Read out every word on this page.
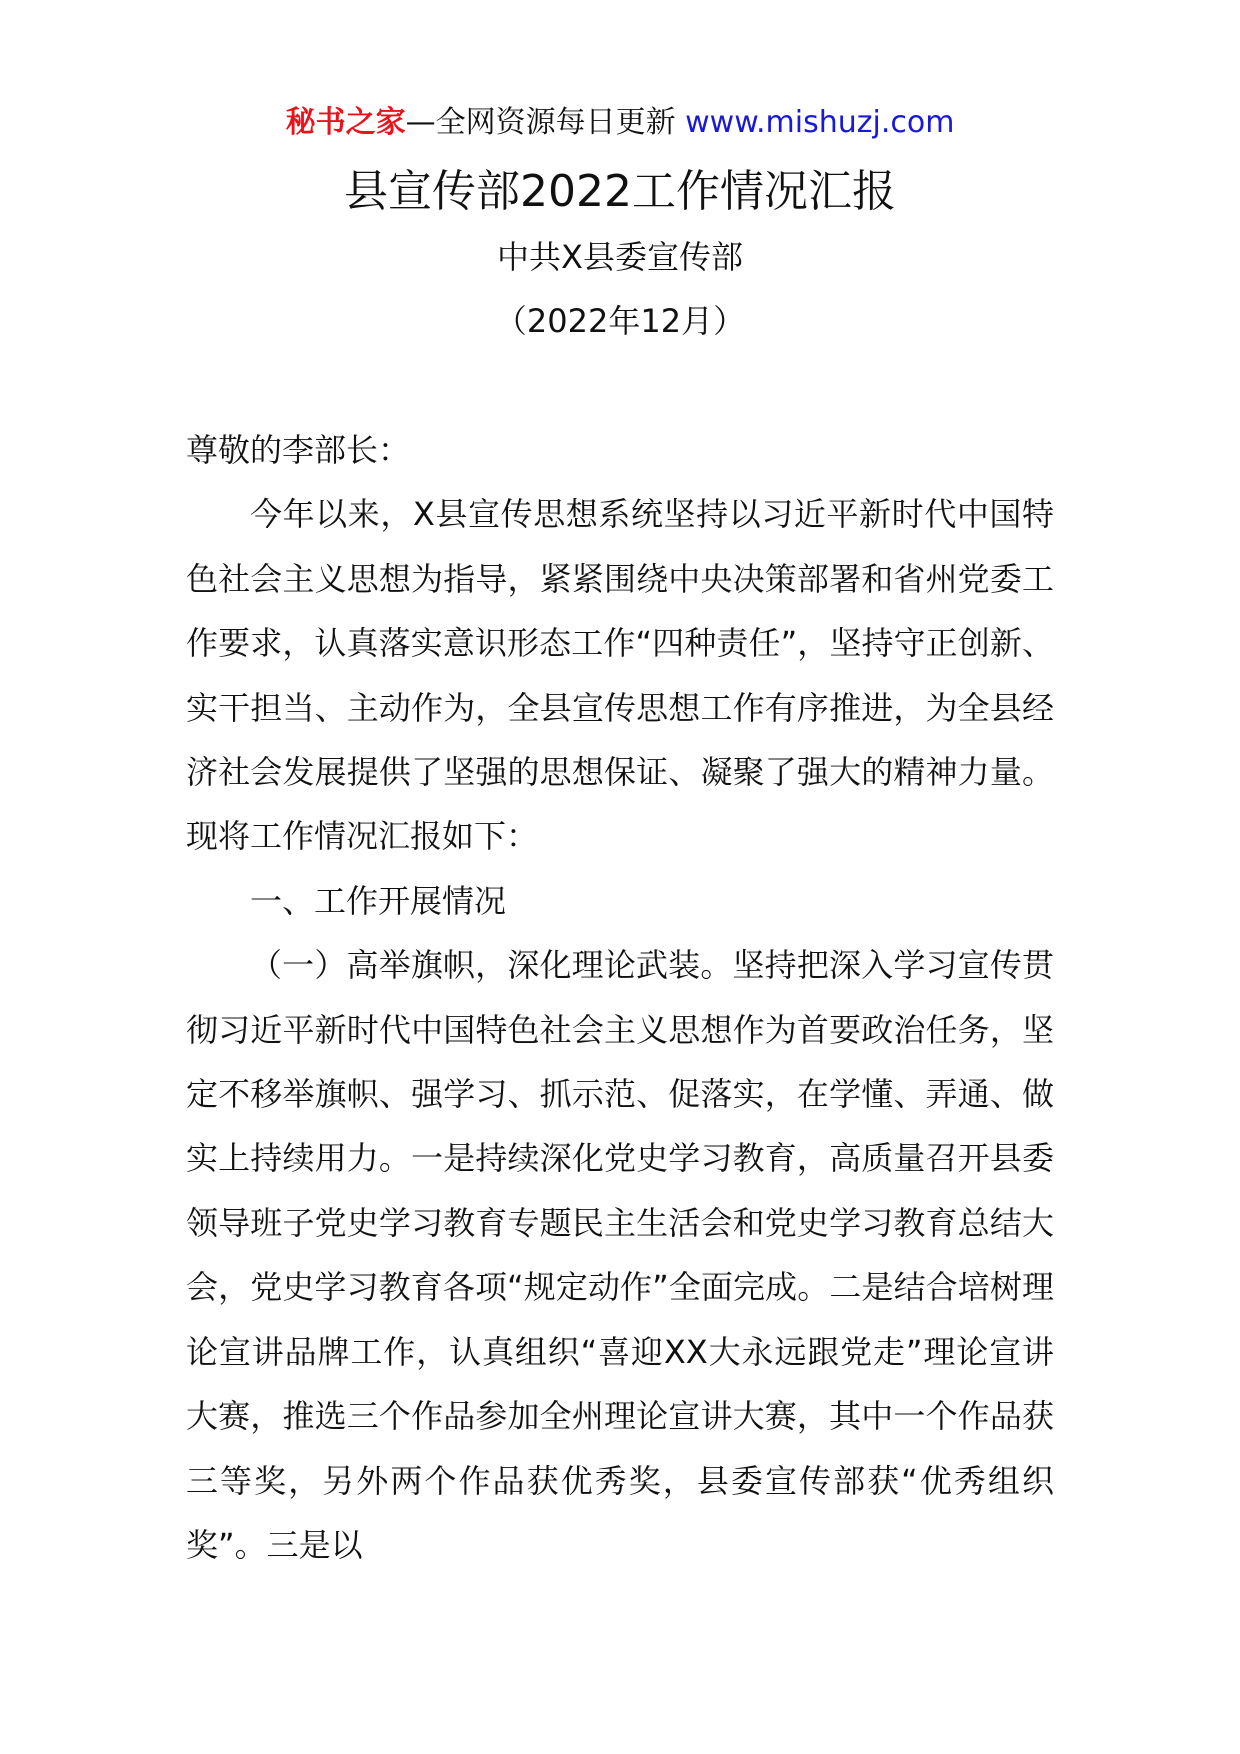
秘书之家—全网资源每日更新 www.mishuzj.com
县宣传部2022工作情况汇报
中共X县委宣传部
（2022年12月）

尊敬的李部长：

今年以来，X县宣传思想系统坚持以习近平新时代中国特色社会主义思想为指导，紧紧围绕中央决策部署和省州党委工作要求，认真落实意识形态工作“四种责任”，坚持守正创新、实干担当、主动作为，全县宣传思想工作有序推进，为全县经济社会发展提供了坚强的思想保证、凝聚了强大的精神力量。现将工作情况汇报如下：

一、工作开展情况

（一）高举旗帜，深化理论武装。坚持把深入学习宣传贯彻习近平新时代中国特色社会主义思想作为首要政治任务，坚定不移举旗帜、强学习、抓示范、促落实，在学懂、弄通、做实上持续用力。一是持续深化党史学习教育，高质量召开县委领导班子党史学习教育专题民主生活会和党史学习教育总结大会，党史学习教育各项“规定动作”全面完成。二是结合培树理论宣讲品牌工作，认真组织“喜迎XX大永远跟党走”理论宣讲大赛，推选三个作品参加全州理论宣讲大赛，其中一个作品获三等奖，另外两个作品获优秀奖，县委宣传部获“优秀组织奖”。三是以
